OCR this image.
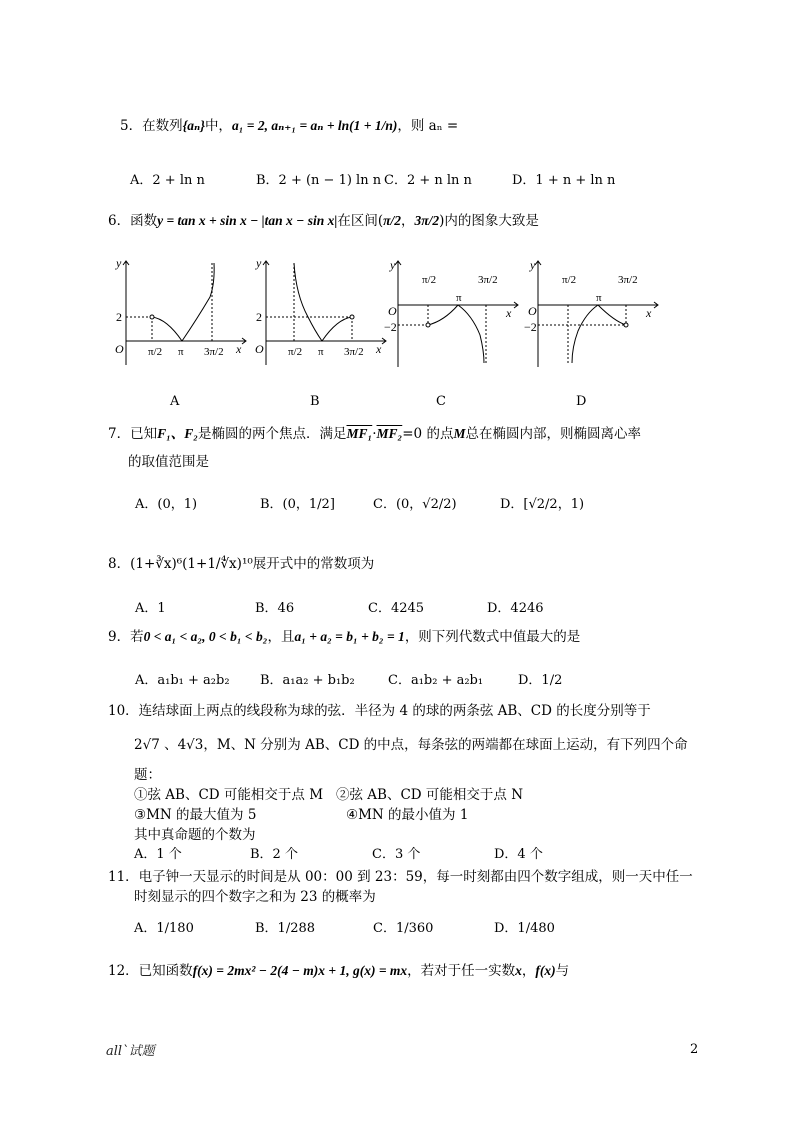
5．在数列{aₙ}中，a₁ = 2, aₙ₊₁ = aₙ + ln(1 + 1/n)，则 aₙ =
A．2 + ln n	B．2 + (n − 1) ln n C．2 + n ln n	D．1 + n + ln n
6．函数y = tan x + sin x − |tan x − sin x|在区间(π/2，3π/2)内的图象大致是
y
x
O
2
π/2 π 3π/2
y
x
O
2
π/2 π 3π/2
y
x
O
−2
π/2
π
3π/2
y
x
O
−2
π/2
π
3π/2
A	B	C	D
7．已知F₁、F₂是椭圆的两个焦点．满足MF₁·MF₂=0 的点M总在椭圆内部，则椭圆离心率
的取值范围是
A．(0，1)	B．(0，1/2]	C．(0，√2/2)	D．[√2/2，1)
8．(1+∛x)⁶(1+1/∜x)¹⁰展开式中的常数项为
A．1	B．46	C．4245	D．4246
9．若0 < a₁ < a₂, 0 < b₁ < b₂，且a₁ + a₂ = b₁ + b₂ = 1，则下列代数式中值最大的是
A．a₁b₁ + a₂b₂ B．a₁a₂ + b₁b₂	C．a₁b₂ + a₂b₁	D．1/2
10．连结球面上两点的线段称为球的弦．半径为 4 的球的两条弦 AB、CD 的长度分别等于
2√7 、4√3，M、N 分别为 AB、CD 的中点，每条弦的两端都在球面上运动，有下列四个命
题：
①弦 AB、CD 可能相交于点 M ②弦 AB、CD 可能相交于点 N
③MN 的最大值为 5	④MN 的最小值为 1
其中真命题的个数为
A．1 个	B．2 个	C．3 个	D．4 个
11．电子钟一天显示的时间是从 00：00 到 23：59，每一时刻都由四个数字组成，则一天中任一
时刻显示的四个数字之和为 23 的概率为
A．1/180	B．1/288	C．1/360	D．1/480
12．已知函数f(x) = 2mx² − 2(4 − m)x + 1, g(x) = mx，若对于任一实数x，f(x)与
all`试题	2
